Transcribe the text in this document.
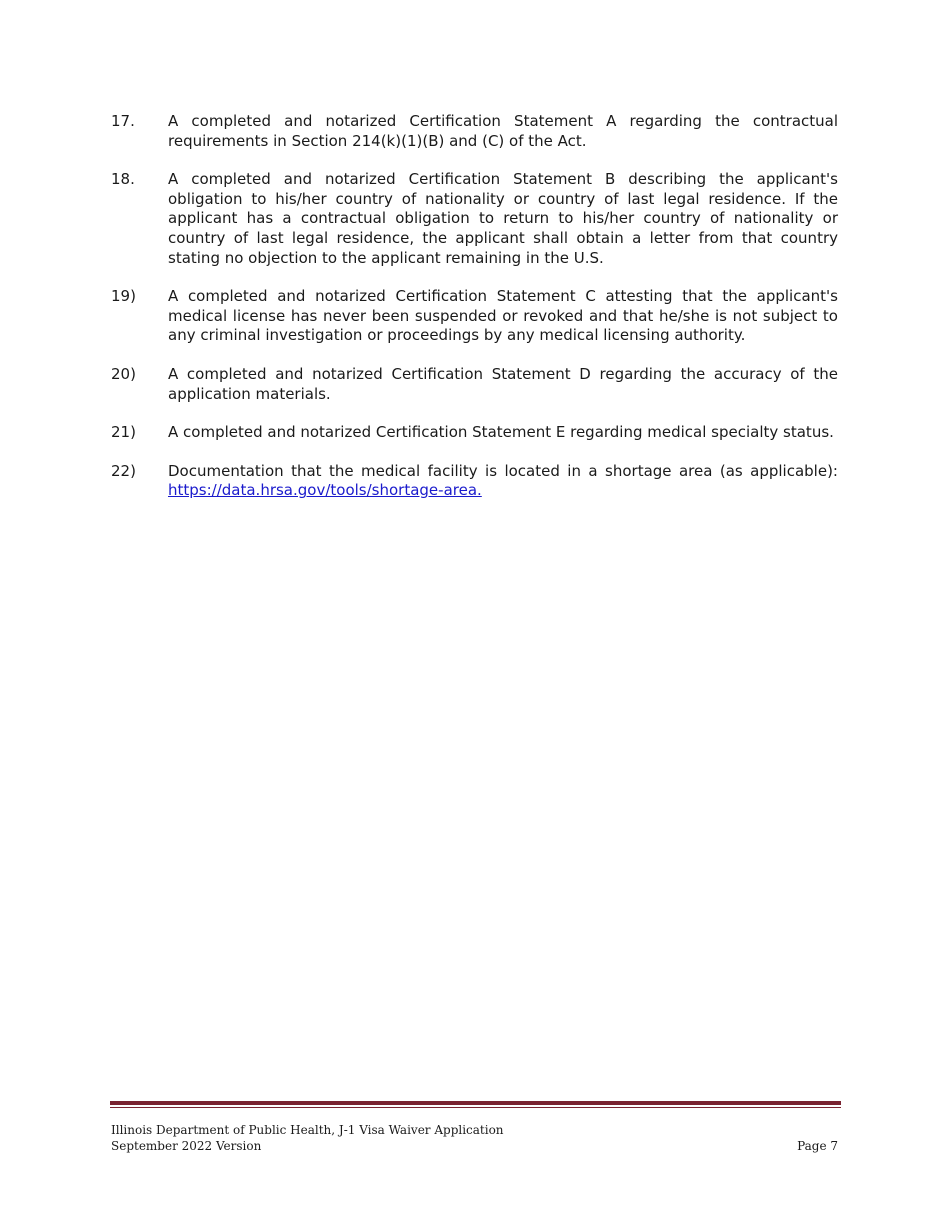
17.	A completed and notarized Certification Statement A regarding the contractual requirements in Section 214(k)(1)(B) and (C) of the Act.
18.	A completed and notarized Certification Statement B describing the applicant's obligation to his/her country of nationality or country of last legal residence. If the applicant has a contractual obligation to return to his/her country of nationality or country of last legal residence, the applicant shall obtain a letter from that country stating no objection to the applicant remaining in the U.S.
19)	A completed and notarized Certification Statement C attesting that the applicant's medical license has never been suspended or revoked and that he/she is not subject to any criminal investigation or proceedings by any medical licensing authority.
20)	A completed and notarized Certification Statement D regarding the accuracy of the application materials.
21)	A completed and notarized Certification Statement E regarding medical specialty status.
22)	Documentation that the medical facility is located in a shortage area (as applicable): https://data.hrsa.gov/tools/shortage-area.
Illinois Department of Public Health, J-1 Visa Waiver Application
September 2022 Version	Page 7
